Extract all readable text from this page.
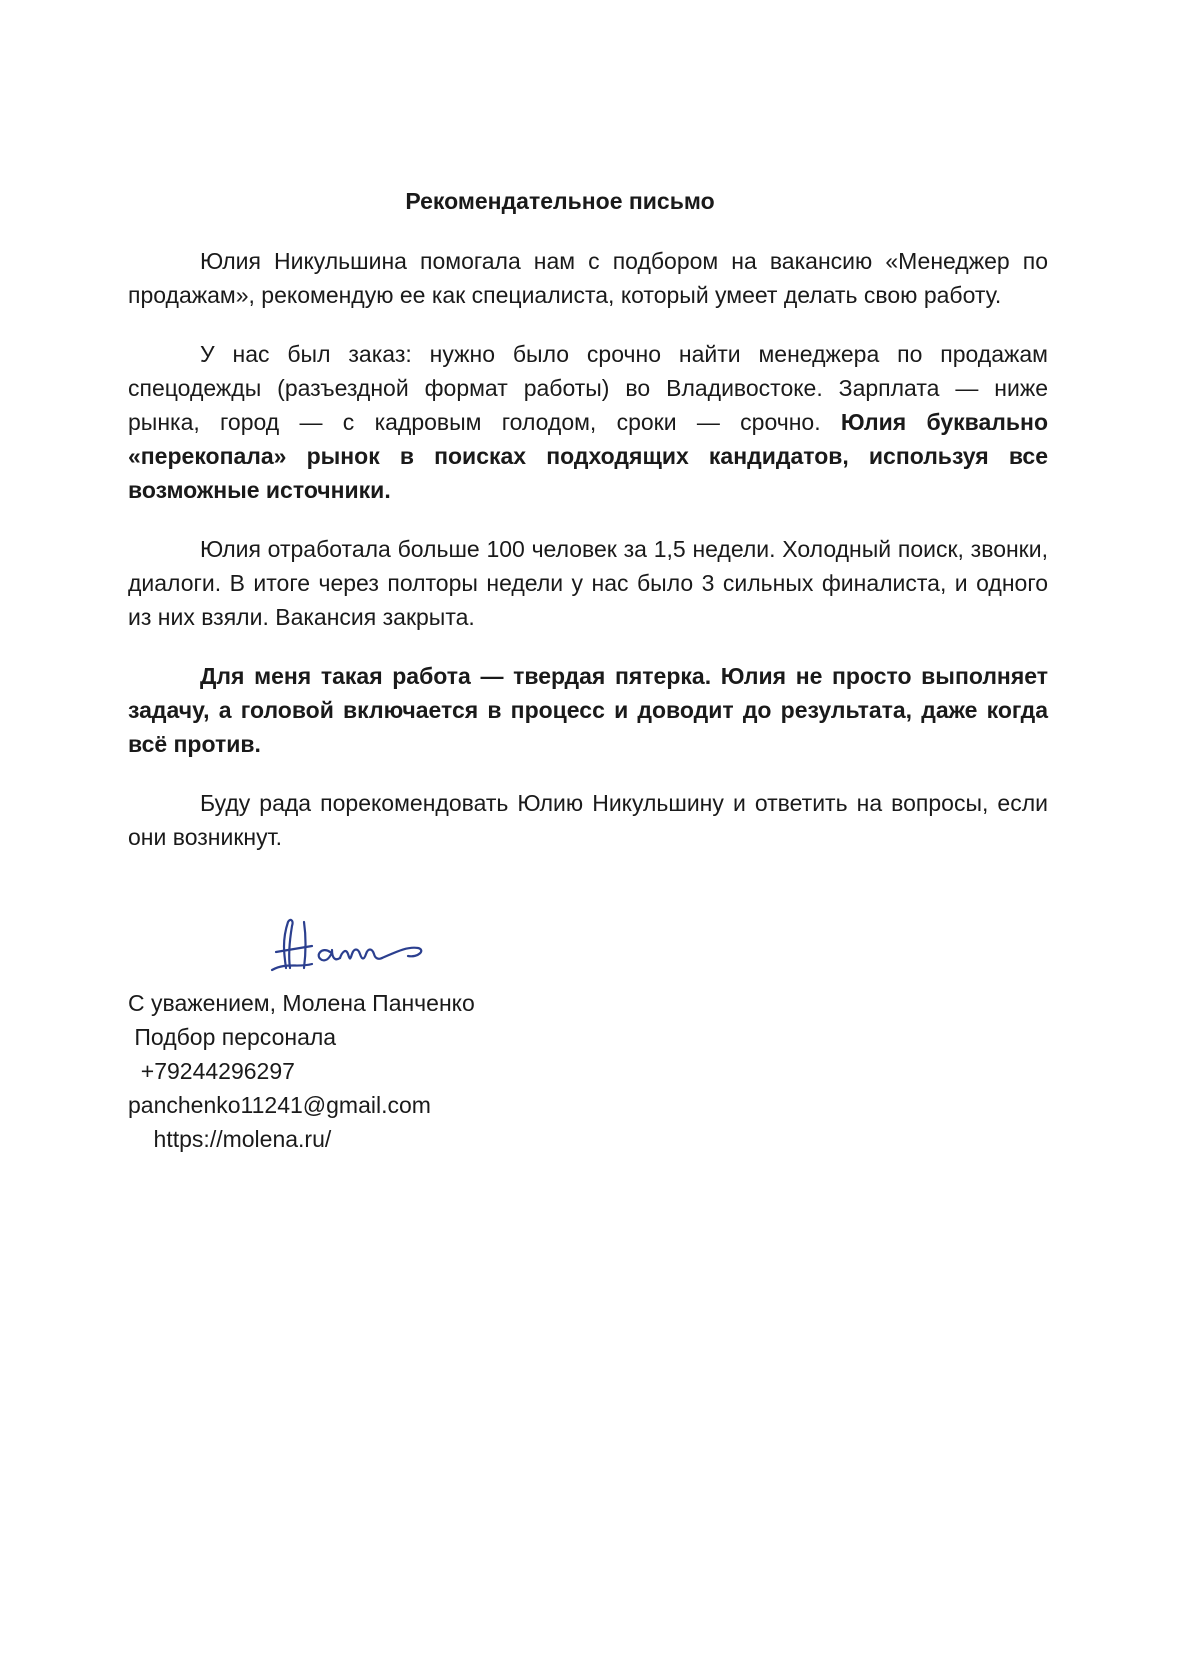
Рекомендательное письмо

Юлия Никульшина помогала нам с подбором на вакансию «Менеджер по продажам», рекомендую ее как специалиста, который умеет делать свою работу.

У нас был заказ: нужно было срочно найти менеджера по продажам спецодежды (разъездной формат работы) во Владивостоке. Зарплата — ниже рынка, город — с кадровым голодом, сроки — срочно. Юлия буквально «перекопала» рынок в поисках подходящих кандидатов, используя все возможные источники.

Юлия отработала больше 100 человек за 1,5 недели. Холодный поиск, звонки, диалоги. В итоге через полторы недели у нас было 3 сильных финалиста, и одного из них взяли. Вакансия закрыта.

Для меня такая работа — твердая пятерка. Юлия не просто выполняет задачу, а головой включается в процесс и доводит до результата, даже когда всё против.

Буду рада порекомендовать Юлию Никульшину и ответить на вопросы, если они возникнут.

С уважением, Молена Панченко
Подбор персонала
+79244296297
panchenko11241@gmail.com
https://molena.ru/
